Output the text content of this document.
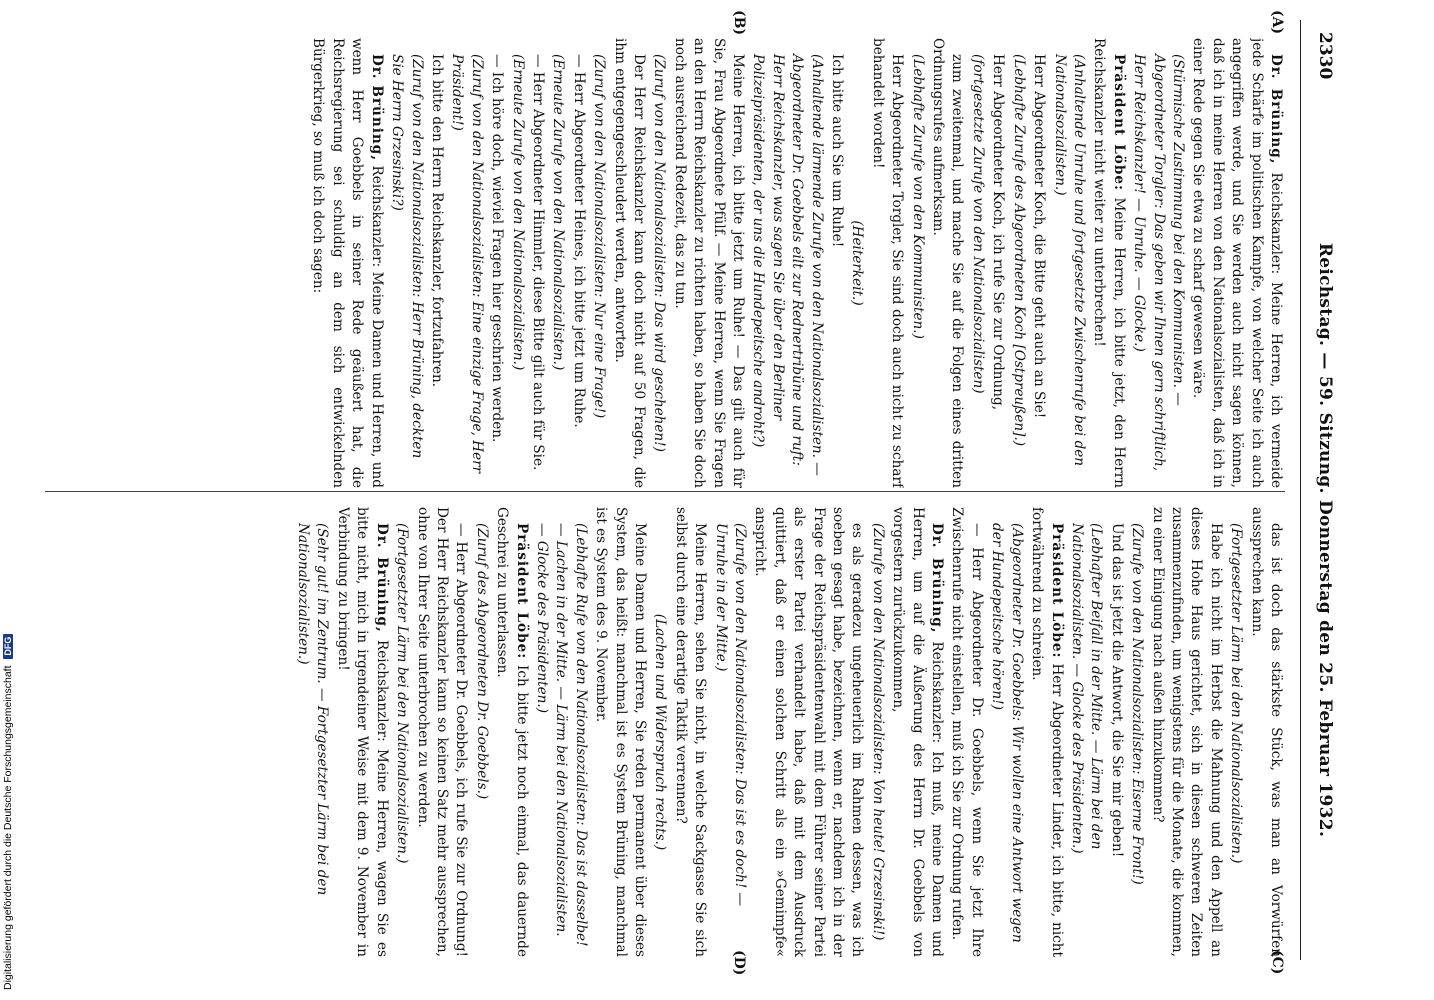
2330
Reichstag. — 59. Sitzung. Donnerstag den 25. Februar 1932.
(A)
(B)
(C)
(D)

Dr. Brüning, Reichskanzler: Meine Herren, ich vermeide jede Schärfe im politischen Kampfe, von welcher Seite ich auch angegriffen werde, und Sie werden auch nicht sagen können, daß ich in meine Herren von den Nationalsozialisten, daß ich in einer Rede gegen Sie etwa zu scharf gewesen wäre.

(Stürmische Zustimmung bei den Kommunisten. — Abgeordneter Torgler: Das geben wir Ihnen gern schriftlich, Herr Reichskanzler! — Unruhe. — Glocke.)

Präsident Löbe: Meine Herren, ich bitte jetzt, den Herrn Reichskanzler nicht weiter zu unterbrechen!

(Anhaltende Unruhe und fortgesetzte Zwischenrufe bei den Nationalsozialisten.)

Herr Abgeordneter Koch, die Bitte geht auch an Sie!

(Lebhafte Zurufe des Abgeordneten Koch [Ostpreußen].)

Herr Abgeordneter Koch, ich rufe Sie zur Ordnung,

(fortgesetzte Zurufe von den Nationalsozialisten)

zum zweitenmal, und mache Sie auf die Folgen eines dritten Ordnungsrufes aufmerksam.

(Lebhafte Zurufe von den Kommunisten.)

Herr Abgeordneter Torgler, Sie sind doch auch nicht zu scharf behandelt worden!

(Heiterkeit.)

Ich bitte auch Sie um Ruhe!

(Anhaltende lärmende Zurufe von den Nationalsozialisten. — Abgeordneter Dr. Goebbels eilt zur Rednertribüne und ruft: Herr Reichskanzler, was sagen Sie über den Berliner Polizeipräsidenten, der uns die Hundepeitsche androht?)

Meine Herren, ich bitte jetzt um Ruhe! — Das gilt auch für Sie, Frau Abgeordnete Pfülf. — Meine Herren, wenn Sie Fragen an den Herrn Reichskanzler zu richten haben, so haben Sie doch noch ausreichend Redezeit, das zu tun.

(Zuruf von den Nationalsozialisten: Das wird geschehen!)

Der Herr Reichskanzler kann doch nicht auf 50 Fragen, die ihm entgegengeschleudert werden, antworten.

(Zuruf von den Nationalsozialisten: Nur eine Frage!)

— Herr Abgeordneter Heines, ich bitte jetzt um Ruhe.

(Erneute Zurufe von den Nationalsozialisten.)

— Herr Abgeordneter Himmler, diese Bitte gilt auch für Sie.

(Erneute Zurufe von den Nationalsozialisten.)

— Ich höre doch, wieviel Fragen hier geschrien werden.

(Zuruf von den Nationalsozialisten: Eine einzige Frage, Herr Präsident!)

Ich bitte den Herrn Reichskanzler, fortzufahren.

(Zuruf von den Nationalsozialisten: Herr Brüning, deckten Sie Herrn Grzesinski?)

Dr. Brüning, Reichskanzler: Meine Damen und Herren, und wenn Herr Goebbels in seiner Rede geäußert hat, die Reichsregierung sei schuldig an dem sich entwickelnden Bürgerkrieg, so muß ich doch sagen:

das ist doch das stärkste Stück, was man an Vorwürfen aussprechen kann.

(Fortgesetzter Lärm bei den Nationalsozialisten.)

Habe ich nicht im Herbst die Mahnung und den Appell an dieses Hohe Haus gerichtet, sich in diesen schweren Zeiten zusammenzufinden, um wenigstens für die Monate, die kommen, zu einer Einigung nach außen hinzukommen?

(Zurufe von den Nationalsozialisten: Eiserne Front!)

Und das ist jetzt die Antwort, die Sie mir geben!

(Lebhafter Beifall in der Mitte. — Lärm bei den Nationalsozialisten. — Glocke des Präsidenten.)

Präsident Löbe: Herr Abgeordneter Linder, ich bitte, nicht fortwährend zu schreien.

(Abgeordneter Dr. Goebbels: Wir wollen eine Antwort wegen der Hundepeitsche hören!)

— Herr Abgeordneter Dr. Goebbels, wenn Sie jetzt Ihre Zwischenrufe nicht einstellen, muß ich Sie zur Ordnung rufen.

Dr. Brüning, Reichskanzler: Ich muß, meine Damen und Herren, um auf die Äußerung des Herrn Dr. Goebbels von vorgestern zurückzukommen,

(Zurufe von den Nationalsozialisten: Von heute! Grzesinski!)

es als geradezu ungeheuerlich im Rahmen dessen, was ich soeben gesagt habe, bezeichnen, wenn er, nachdem ich in der Frage der Reichspräsidentenwahl mit dem Führer seiner Partei als erster Partei verhandelt habe, daß mit dem Ausdruck quittiert, daß er einen solchen Schritt als ein »Gemimpfe« anspricht.

(Zurufe von den Nationalsozialisten: Das ist es doch! — Unruhe in der Mitte.)

Meine Herren, sehen Sie nicht, in welche Sackgasse Sie sich selbst durch eine derartige Taktik verrennen?

(Lachen und Widerspruch rechts.)

Meine Damen und Herren, Sie reden permanent über dieses System, das heißt: manchmal ist es System Brüning, manchmal ist es System des 9. November.

(Lebhafte Rufe von den Nationalsozialisten: Das ist dasselbe! — Lachen in der Mitte. — Lärm bei den Nationalsozialisten. — Glocke des Präsidenten.)

Präsident Löbe: Ich bitte jetzt noch einmal, das dauernde Geschrei zu unterlassen.

(Zuruf des Abgeordneten Dr. Goebbels.)

— Herr Abgeordneter Dr. Goebbels, ich rufe Sie zur Ordnung! Der Herr Reichskanzler kann so keinen Satz mehr aussprechen, ohne von Ihrer Seite unterbrochen zu werden.

(Fortgesetzter Lärm bei den Nationalsozialisten.)

Dr. Brüning, Reichskanzler: Meine Herren, wagen Sie es bitte nicht, mich in irgendeiner Weise mit dem 9. November in Verbindung zu bringen!

(Sehr gut! im Zentrum. — Fortgesetzter Lärm bei den Nationalsozialisten.)

Digitalisierung gefördert durch die Deutsche Forschungsgemeinschaft DFG
